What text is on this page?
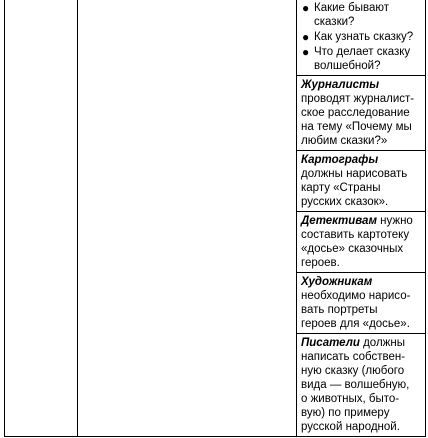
● Какие бывают
сказки?
● Как узнать сказку?
● Что делает сказку
волшебной?
Журналисты
проводят журналист-
ское расследование
на тему «Почему мы
любим сказки?»
Картографы
должны нарисовать
карту «Страны
русских сказок».
Детективам нужно
составить картотеку
«досье» сказочных
героев.
Художникам
необходимо нарисо-
вать портреты
героев для «досье».
Писатели должны
написать собствен-
ную сказку (любого
вида — волшебную,
о животных, быто-
вую) по примеру
русской народной.
